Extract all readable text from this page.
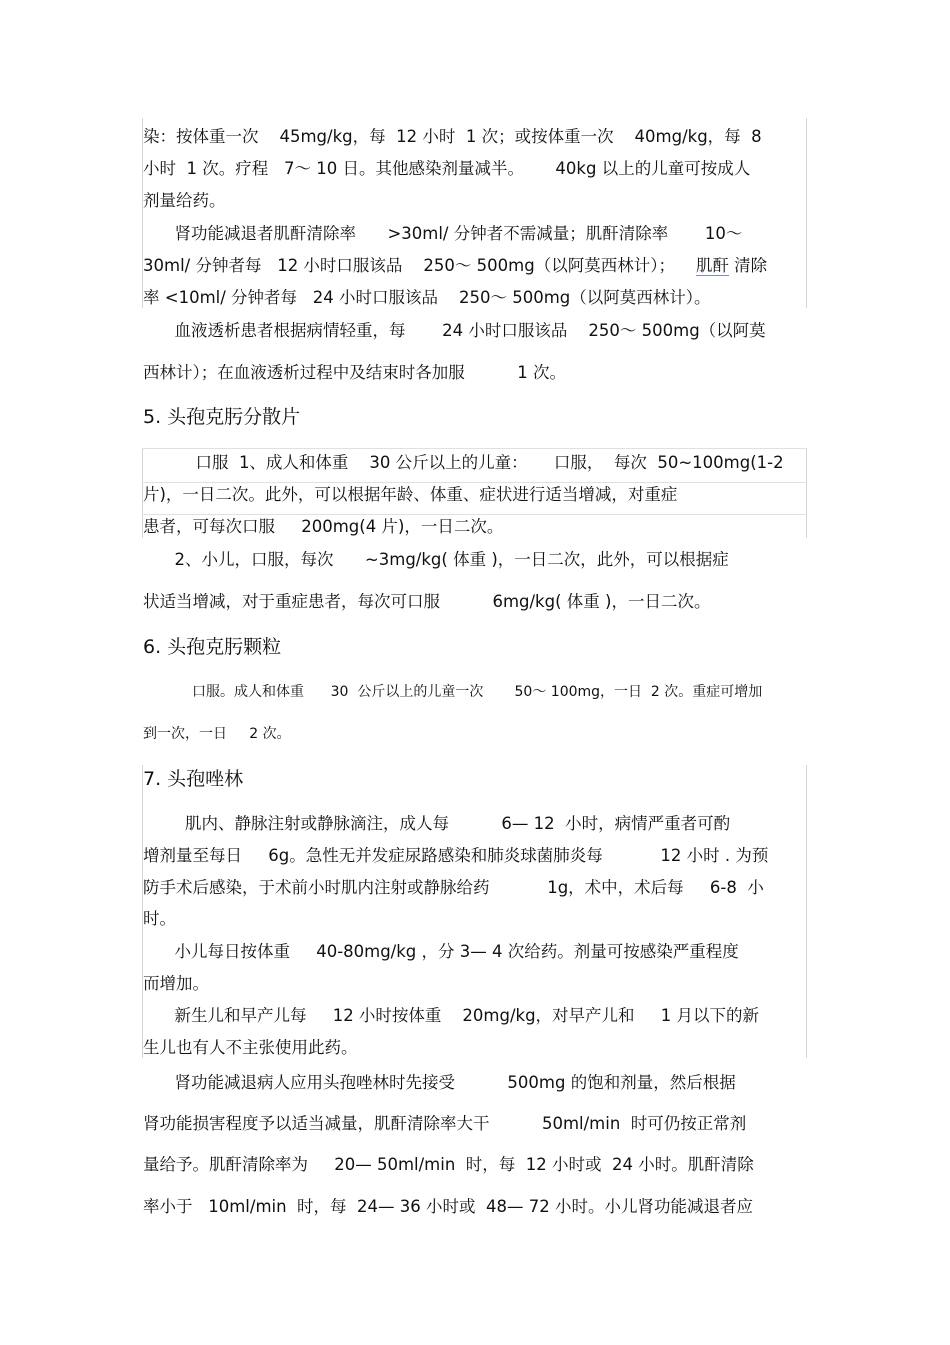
染：按体重一次    45mg/kg，每  12 小时  1 次；或按体重一次    40mg/kg，每  8
小时  1 次。疗程   7～ 10 日。其他感染剂量减半。      40kg 以上的儿童可按成人
剂量给药。
肾功能减退者肌酐清除率      >30ml/ 分钟者不需减量；肌酐清除率       10～
30ml/ 分钟者每   12 小时口服该品    250～ 500mg（以阿莫西林计）； 肌酐 清除
率 <10ml/ 分钟者每   24 小时口服该品    250～ 500mg（以阿莫西林计）。
血液透析患者根据病情轻重，每       24 小时口服该品    250～ 500mg（以阿莫
西林计）；在血液透析过程中及结束时各加服          1 次。
5. 头孢克肟分散片
口服  1、成人和体重    30 公斤以上的儿童：     口服，  每次  50~100mg(1-2
片)，一日二次。此外，可以根据年龄、体重、症状进行适当增减，对重症
患者，可每次口服     200mg(4 片)，一日二次。
2、小儿，口服，每次      ~3mg/kg( 体重 )，一日二次，此外，可以根据症
状适当增减，对于重症患者，每次可口服          6mg/kg( 体重 )，一日二次。
6. 头孢克肟颗粒
口服。成人和体重      30  公斤以上的儿童一次       50～ 100mg，一日  2 次。重症可增加
到一次，一日     2 次。
7. 头孢唑林
肌内、静脉注射或静脉滴注，成人每          6— 12  小时，病情严重者可酌
增剂量至每日     6g。急性无并发症尿路感染和肺炎球菌肺炎每           12 小时 . 为预
防手术后感染，于术前小时肌内注射或静脉给药           1g，术中，术后每     6-8  小
时。
小儿每日按体重     40-80mg/kg ，分 3— 4 次给药。剂量可按感染严重程度
而增加。
新生儿和早产儿每     12 小时按体重    20mg/kg，对早产儿和     1 月以下的新
生儿也有人不主张使用此药。
肾功能减退病人应用头孢唑林时先接受          500mg 的饱和剂量，然后根据
肾功能损害程度予以适当减量，肌酐清除率大干          50ml/min  时可仍按正常剂
量给予。肌酐清除率为     20— 50ml/min  时，每  12 小时或  24 小时。肌酐清除
率小于   10ml/min  时，每  24— 36 小时或  48— 72 小时。小儿肾功能减退者应
